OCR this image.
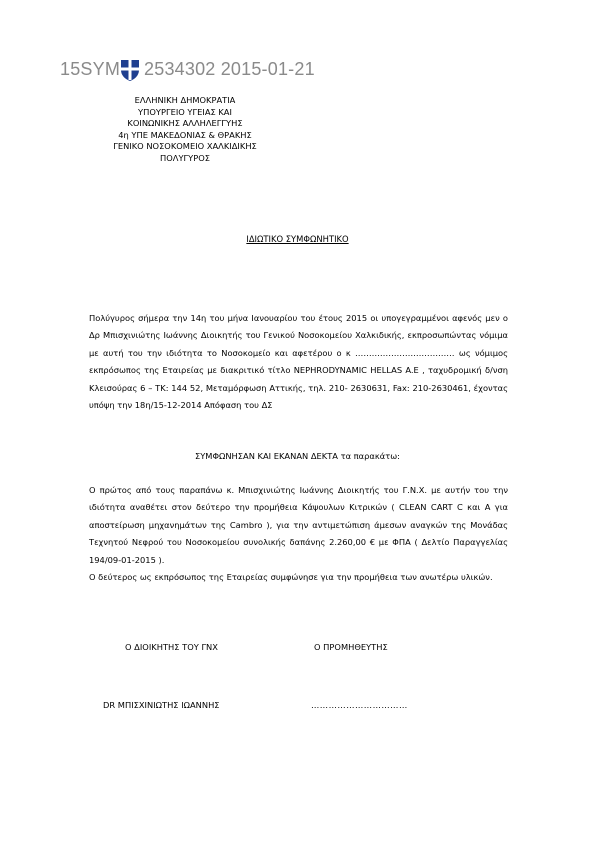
15SYM 2534302 2015-01-21
ΕΛΛΗΝΙΚΗ ΔΗΜΟΚΡΑΤΙΑ
ΥΠΟΥΡΓΕΙΟ ΥΓΕΙΑΣ ΚΑΙ
ΚΟΙΝΩΝΙΚΗΣ ΑΛΛΗΛΕΓΓΥΗΣ
4η ΥΠΕ ΜΑΚΕΔΟΝΙΑΣ & ΘΡΑΚΗΣ
ΓΕΝΙΚΟ ΝΟΣΟΚΟΜΕΙΟ ΧΑΛΚΙΔΙΚΗΣ
ΠΟΛΥΓΥΡΟΣ
ΙΔΙΩΤΙΚΟ ΣΥΜΦΩΝΗΤΙΚΟ
Πολύγυρος σήμερα την 14η του μήνα Ιανουαρίου του έτους 2015 οι υπογεγραμμένοι αφενός μεν ο Δρ Μπισχινιώτης Ιωάννης Διοικητής του Γενικού Νοσοκομείου Χαλκιδικής, εκπροσωπώντας νόμιμα με αυτή του την ιδιότητα το Νοσοκομείο και αφετέρου ο κ ……………………………… ως νόμιμος εκπρόσωπος της Εταιρείας με διακριτικό τίτλο NEPHRODYNAMIC HELLAS A.E , ταχυδρομική δ/νση Κλεισούρας 6 – ΤΚ: 144 52, Μεταμόρφωση Αττικής, τηλ. 210- 2630631, Fax: 210-2630461, έχοντας υπόψη την 18η/15-12-2014 Απόφαση του ΔΣ
ΣΥΜΦΩΝΗΣΑΝ ΚΑΙ ΕΚΑΝΑΝ ΔΕΚΤΑ τα παρακάτω:
Ο πρώτος από τους παραπάνω κ. Μπισχινιώτης Ιωάννης Διοικητής του Γ.Ν.Χ. με αυτήν του την ιδιότητα αναθέτει στον δεύτερο την προμήθεια Κάψουλων Κιτρικών ( CLEAN CART C και A για αποστείρωση μηχανημάτων της Cambro ), για την αντιμετώπιση άμεσων αναγκών της Μονάδας Τεχνητού Νεφρού του Νοσοκομείου συνολικής δαπάνης 2.260,00 € με ΦΠΑ ( Δελτίο Παραγγελίας 194/09-01-2015 ).
Ο δεύτερος ως εκπρόσωπος της Εταιρείας συμφώνησε για την προμήθεια των ανωτέρω υλικών.
Ο ΔΙΟΙΚΗΤΗΣ ΤΟΥ ΓΝΧ	Ο ΠΡΟΜΗΘΕΥΤΗΣ
DR ΜΠΙΣΧΙΝΙΩΤΗΣ ΙΩΑΝΝΗΣ	……………………………
